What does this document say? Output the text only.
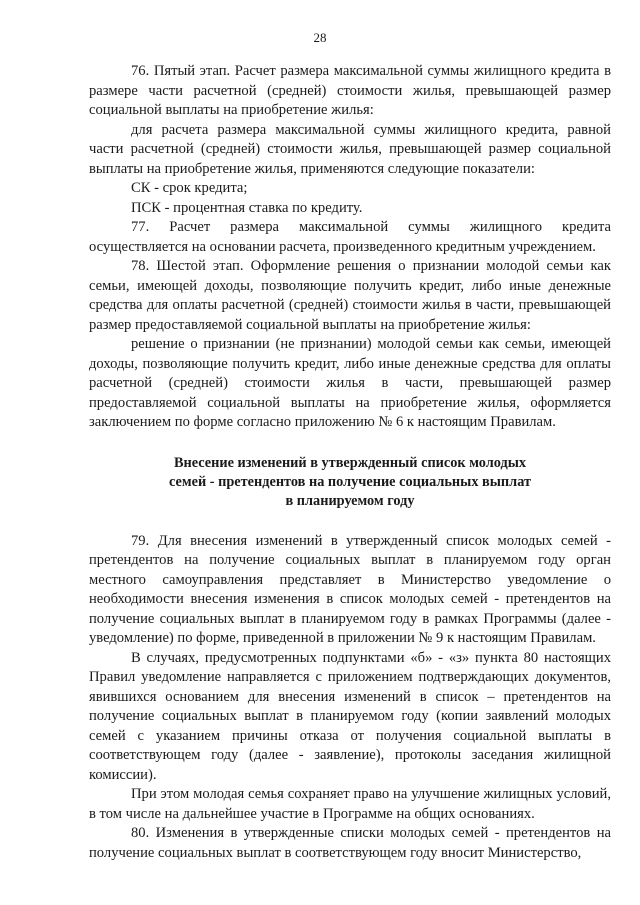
28

76. Пятый этап. Расчет размера максимальной суммы жилищного кредита в размере части расчетной (средней) стоимости жилья, превышающей размер социальной выплаты на приобретение жилья:

для расчета размера максимальной суммы жилищного кредита, равной части расчетной (средней) стоимости жилья, превышающей размер социальной выплаты на приобретение жилья, применяются следующие показатели:

СК - срок кредита;

ПСК - процентная ставка по кредиту.

77. Расчет размера максимальной суммы жилищного кредита осуществляется на основании расчета, произведенного кредитным учреждением.

78. Шестой этап. Оформление решения о признании молодой семьи как семьи, имеющей доходы, позволяющие получить кредит, либо иные денежные средства для оплаты расчетной (средней) стоимости жилья в части, превышающей размер предоставляемой социальной выплаты на приобретение жилья:

решение о признании (не признании) молодой семьи как семьи, имеющей доходы, позволяющие получить кредит, либо иные денежные средства для оплаты расчетной (средней) стоимости жилья в части, превышающей размер предоставляемой социальной выплаты на приобретение жилья, оформляется заключением по форме согласно приложению № 6 к настоящим Правилам.

Внесение изменений в утвержденный список молодых
семей - претендентов на получение социальных выплат
в планируемом году

79. Для внесения изменений в утвержденный список молодых семей - претендентов на получение социальных выплат в планируемом году орган местного самоуправления представляет в Министерство уведомление о необходимости внесения изменения в список молодых семей - претендентов на получение социальных выплат в планируемом году в рамках Программы (далее - уведомление) по форме, приведенной в приложении № 9 к настоящим Правилам.

В случаях, предусмотренных подпунктами «б» - «з» пункта 80 настоящих Правил уведомление направляется с приложением подтверждающих документов, явившихся основанием для внесения изменений в список – претендентов на получение социальных выплат в планируемом году (копии заявлений молодых семей с указанием причины отказа от получения социальной выплаты в соответствующем году (далее - заявление), протоколы заседания жилищной комиссии).

При этом молодая семья сохраняет право на улучшение жилищных условий, в том числе на дальнейшее участие в Программе на общих основаниях.

80. Изменения в утвержденные списки молодых семей - претендентов на получение социальных выплат в соответствующем году вносит Министерство,
